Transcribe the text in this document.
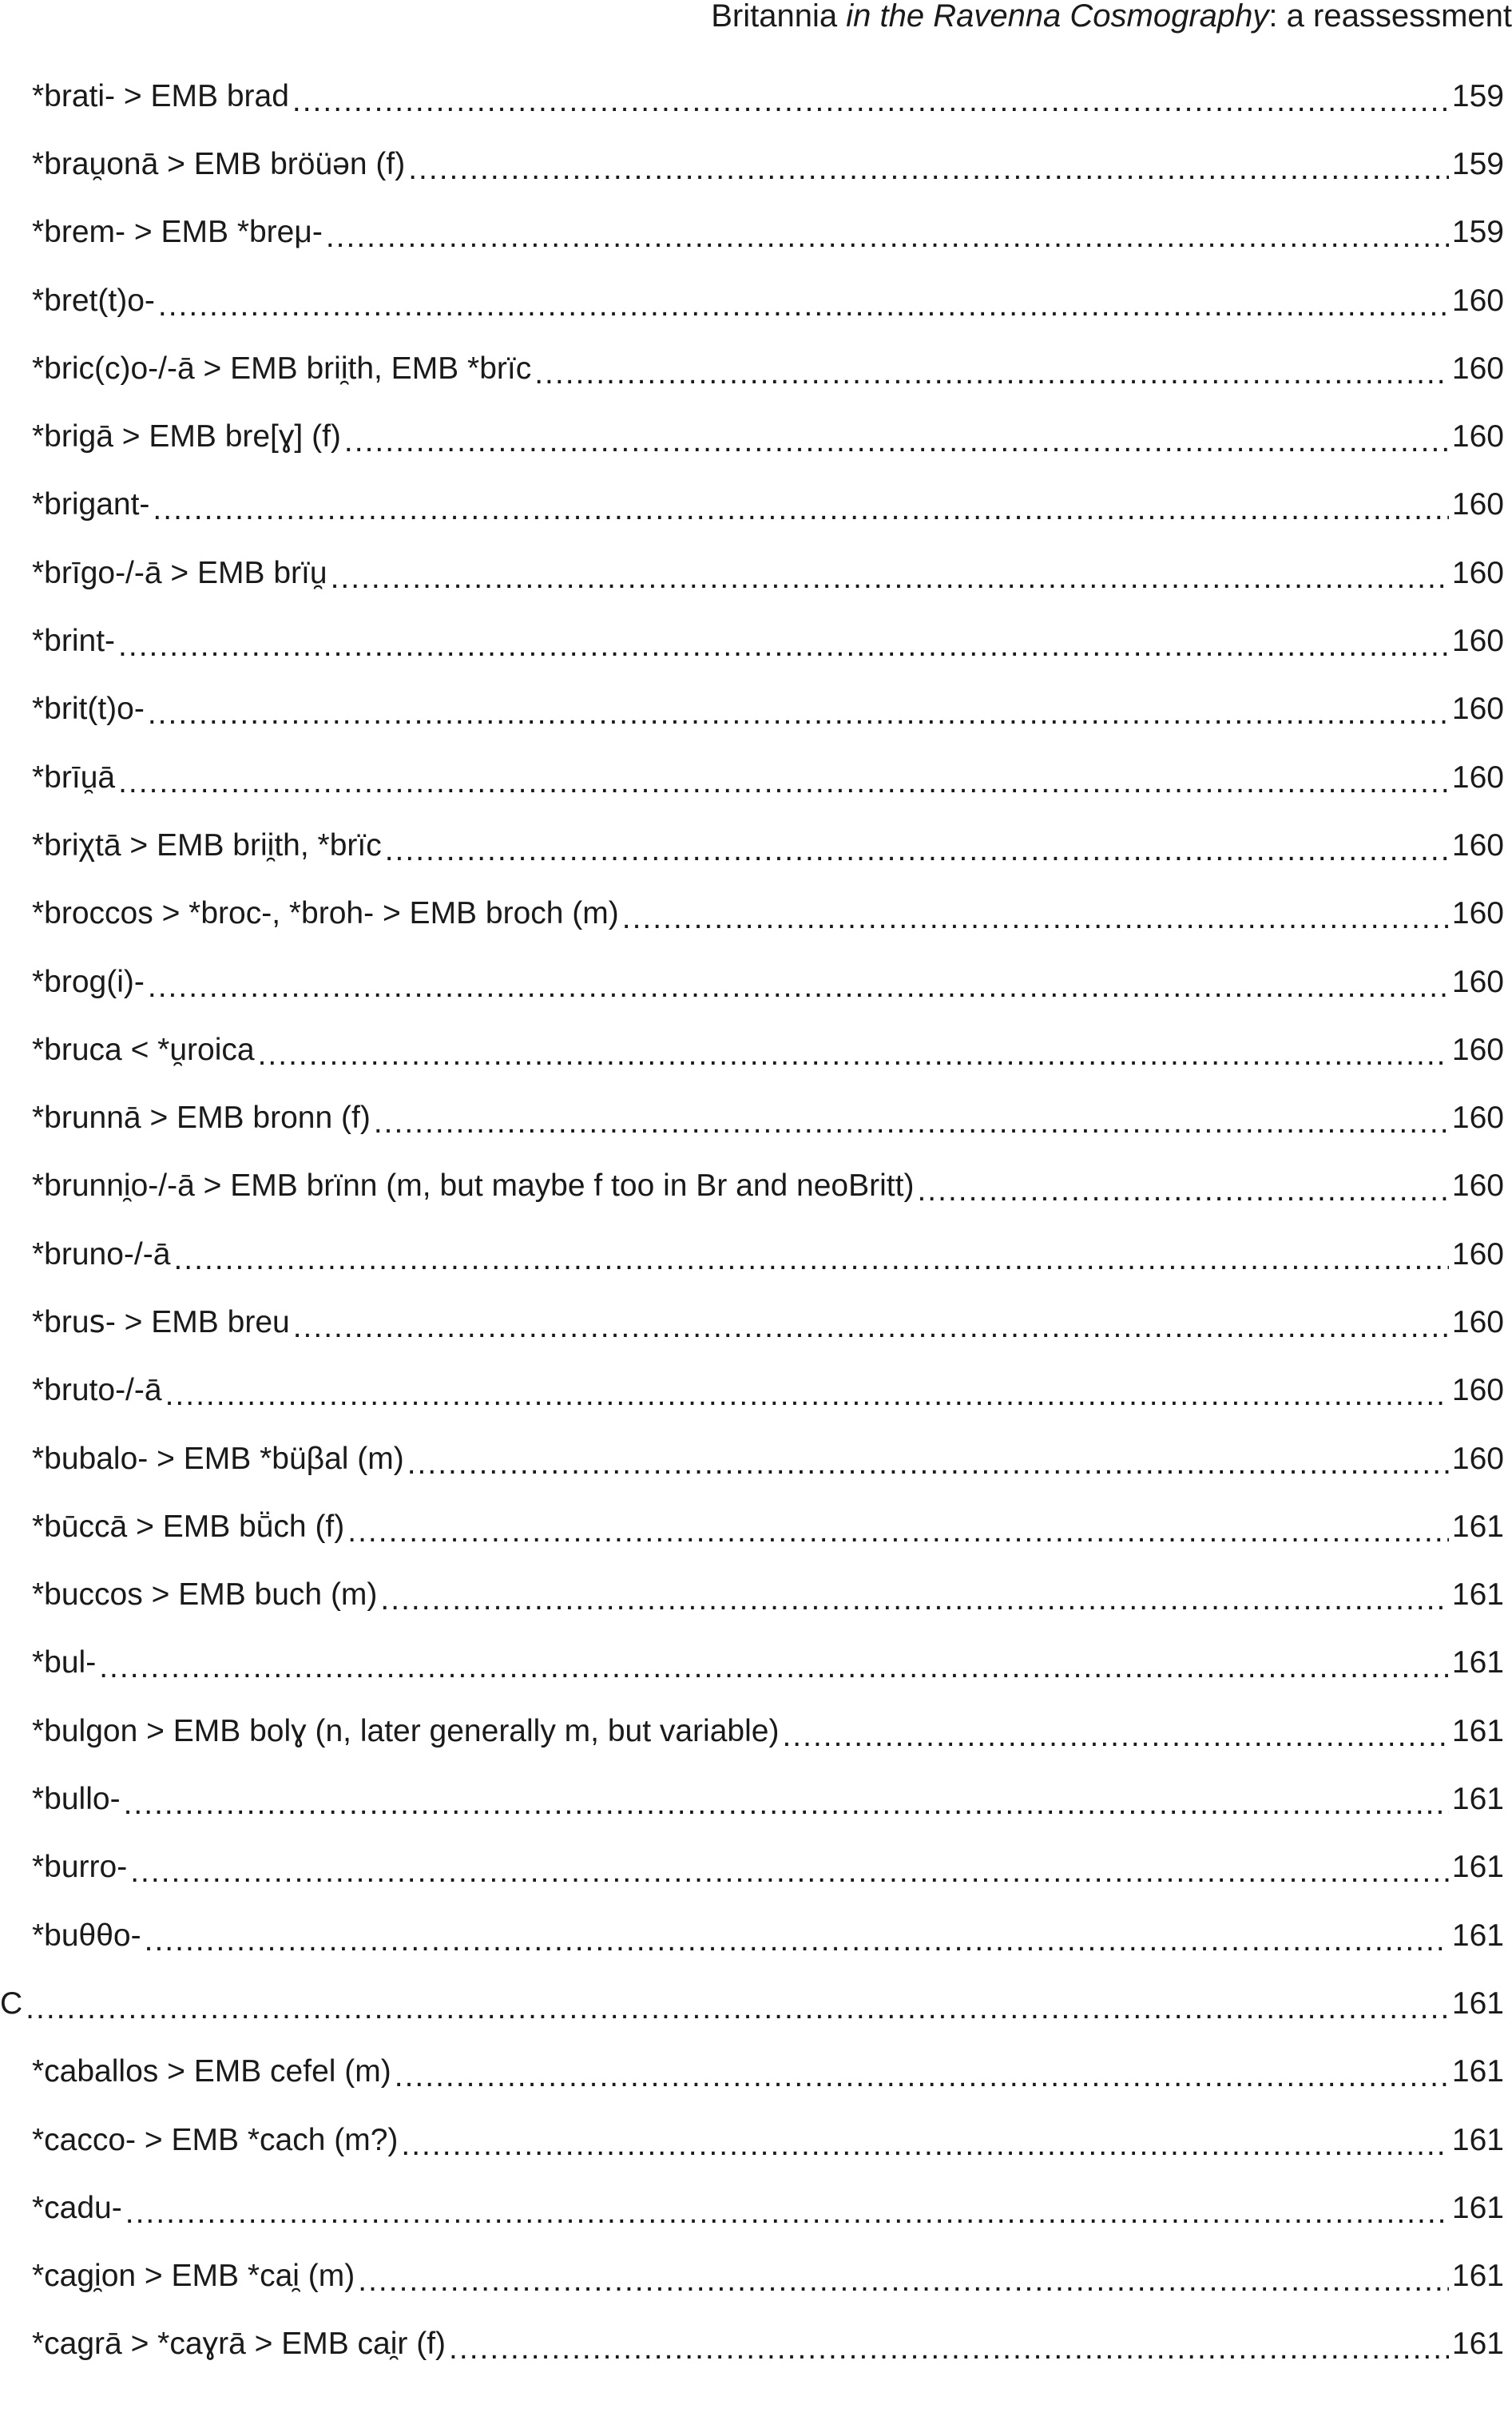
Britannia in the Ravenna Cosmography: a reassessment
*brati- > EMB brad .....	159
*brau̯onā > EMB bröüən (f) .....	159
*brem- > EMB *breμ- .....	159
*bret(t)o- .....	160
*bric(c)o-/-ā > EMB brii̯th, EMB *brïc .....	160
*brigā > EMB bre[ɣ] (f) .....	160
*brigant- .....	160
*brīgo-/-ā > EMB brïu̯ .....	160
*brint- .....	160
*brit(t)o- .....	160
*brīu̯ā .....	160
*briχtā > EMB brii̯th, *brïc .....	160
*broccos > *broc-, *broh- > EMB broch (m) .....	160
*brog(i)- .....	160
*bruca < *u̯roica .....	160
*brunnā > EMB bronn (f) .....	160
*brunni̯o-/-ā > EMB brïnn (m, but maybe f too in Br and neoBritt) .....	160
*bruno-/-ā .....	160
*bruꜱ- > EMB breu .....	160
*bruto-/-ā .....	160
*bubalo- > EMB *büβal (m) .....	160
*būccā > EMB bṻch (f) .....	161
*buccos > EMB buch (m) .....	161
*bul- .....	161
*bulgon > EMB bolɣ (n, later generally m, but variable) .....	161
*bullo- .....	161
*burro- .....	161
*buθθo- .....	161
C .....	161
*caballos > EMB cefel (m) .....	161
*cacco- > EMB *cach (m?) .....	161
*cadu- .....	161
*cagi̯on > EMB *cai̯ (m) .....	161
*cagrā > *caɣrā > EMB cai̯r (f) .....	161
